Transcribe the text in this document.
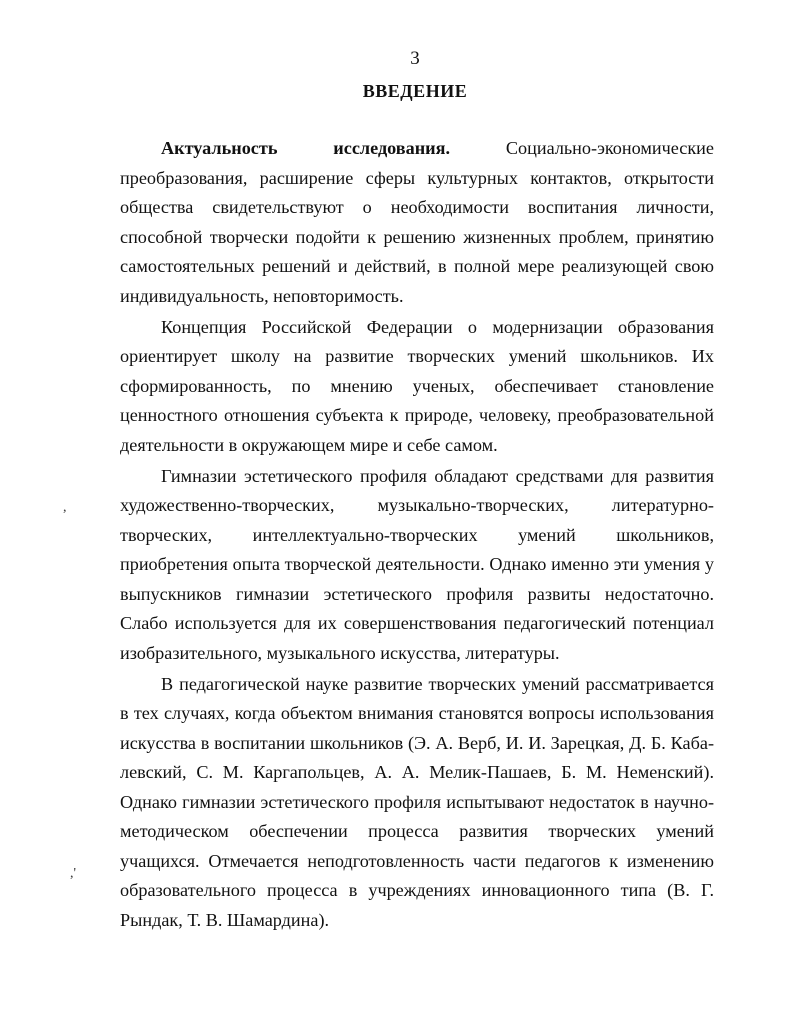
3
ВВЕДЕНИЕ

Актуальность исследования. Социально-экономические преобразования, расширение сферы культурных контактов, открытости общества свидетельствуют о необходимости воспитания личности, способной творчески подойти к решению жизненных проблем, принятию самостоятельных решений и действий, в полной мере реализующей свою индивидуальность, неповторимость.

Концепция Российской Федерации о модернизации образования ориентирует школу на развитие творческих умений школьников. Их сформированность, по мнению ученых, обеспечивает становление ценностного отношения субъекта к природе, человеку, преобразовательной деятельности в окружающем мире и себе самом.

Гимназии эстетического профиля обладают средствами для развития художественно-творческих, музыкально-творческих, литературно-творческих, интеллектуально-творческих умений школьников, приобретения опыта творческой деятельности. Однако именно эти умения у выпускников гимназии эстетического профиля развиты недостаточно. Слабо используется для их совершенствования педагогический потенциал изобразительного, музыкального искусства, литературы.

В педагогической науке развитие творческих умений рассматривается в тех случаях, когда объектом внимания становятся вопросы использования искусства в воспитании школьников (Э. А. Верб, И. И. Зарецкая, Д. Б. Кабалевский, С. М. Каргапольцев, А. А. Мелик-Пашаев, Б. М. Неменский). Однако гимназии эстетического профиля испытывают недостаток в научно-методическом обеспечении процесса развития творческих умений учащихся. Отмечается неподготовленность части педагогов к изменению образовательного процесса в учреждениях инновационного типа (В. Г. Рындак, Т. В. Шамардина).

,
,'
